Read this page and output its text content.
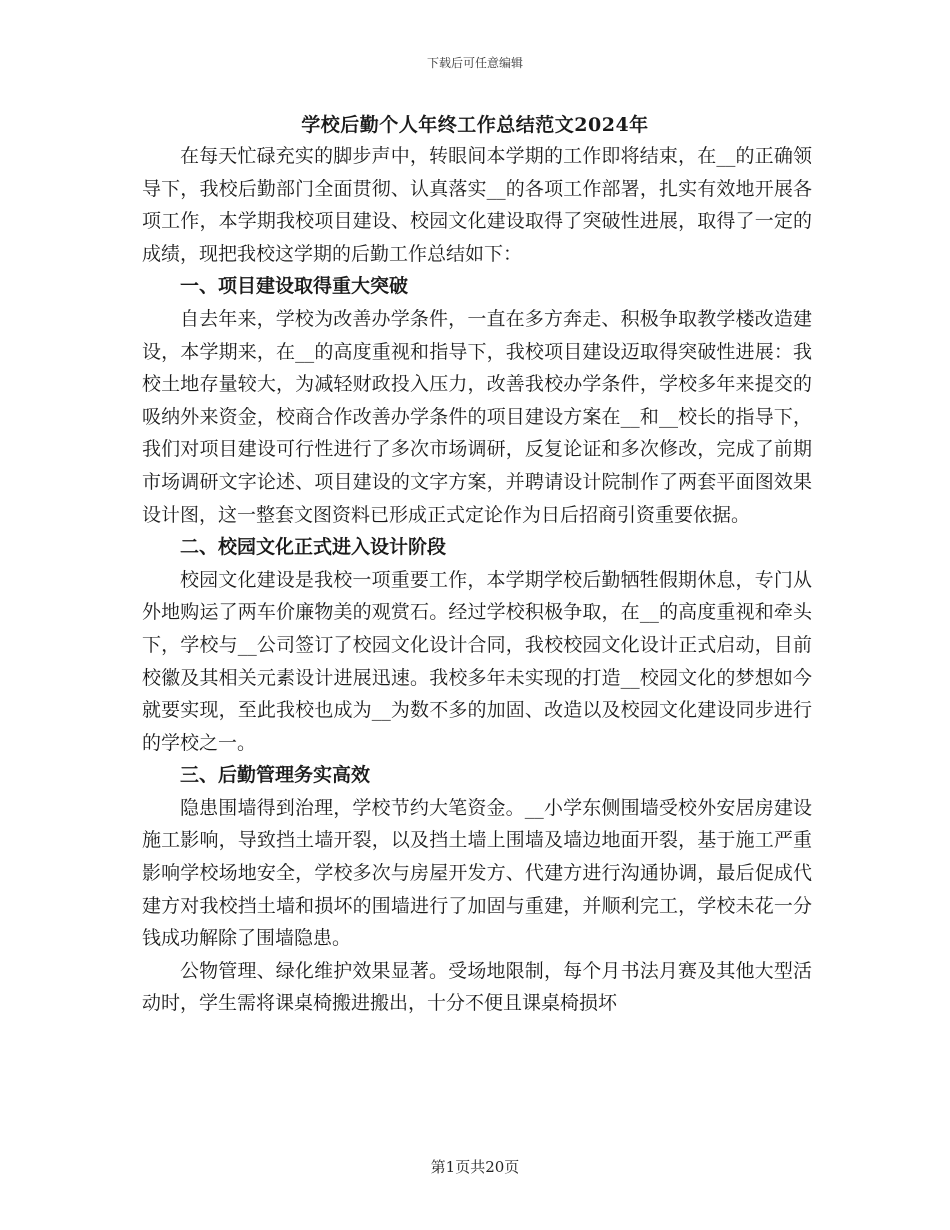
下载后可任意编辑
学校后勤个人年终工作总结范文2024年

在每天忙碌充实的脚步声中，转眼间本学期的工作即将结束，在__的正确领导下，我校后勤部门全面贯彻、认真落实__的各项工作部署，扎实有效地开展各项工作，本学期我校项目建设、校园文化建设取得了突破性进展，取得了一定的成绩，现把我校这学期的后勤工作总结如下：

一、项目建设取得重大突破

自去年来，学校为改善办学条件，一直在多方奔走、积极争取教学楼改造建设，本学期来，在__的高度重视和指导下，我校项目建设迈取得突破性进展：我校土地存量较大，为减轻财政投入压力，改善我校办学条件，学校多年来提交的吸纳外来资金，校商合作改善办学条件的项目建设方案在__和__校长的指导下，我们对项目建设可行性进行了多次市场调研，反复论证和多次修改，完成了前期市场调研文字论述、项目建设的文字方案，并聘请设计院制作了两套平面图效果设计图，这一整套文图资料已形成正式定论作为日后招商引资重要依据。

二、校园文化正式进入设计阶段

校园文化建设是我校一项重要工作，本学期学校后勤牺牲假期休息，专门从外地购运了两车价廉物美的观赏石。经过学校积极争取，在__的高度重视和牵头下，学校与__公司签订了校园文化设计合同，我校校园文化设计正式启动，目前校徽及其相关元素设计进展迅速。我校多年未实现的打造__校园文化的梦想如今就要实现，至此我校也成为__为数不多的加固、改造以及校园文化建设同步进行的学校之一。

三、后勤管理务实高效

隐患围墙得到治理，学校节约大笔资金。__小学东侧围墙受校外安居房建设施工影响，导致挡土墙开裂，以及挡土墙上围墙及墙边地面开裂，基于施工严重影响学校场地安全，学校多次与房屋开发方、代建方进行沟通协调，最后促成代建方对我校挡土墙和损坏的围墙进行了加固与重建，并顺利完工，学校未花一分钱成功解除了围墙隐患。

公物管理、绿化维护效果显著。受场地限制，每个月书法月赛及其他大型活动时，学生需将课桌椅搬进搬出，十分不便且课桌椅损坏

第1页共20页
